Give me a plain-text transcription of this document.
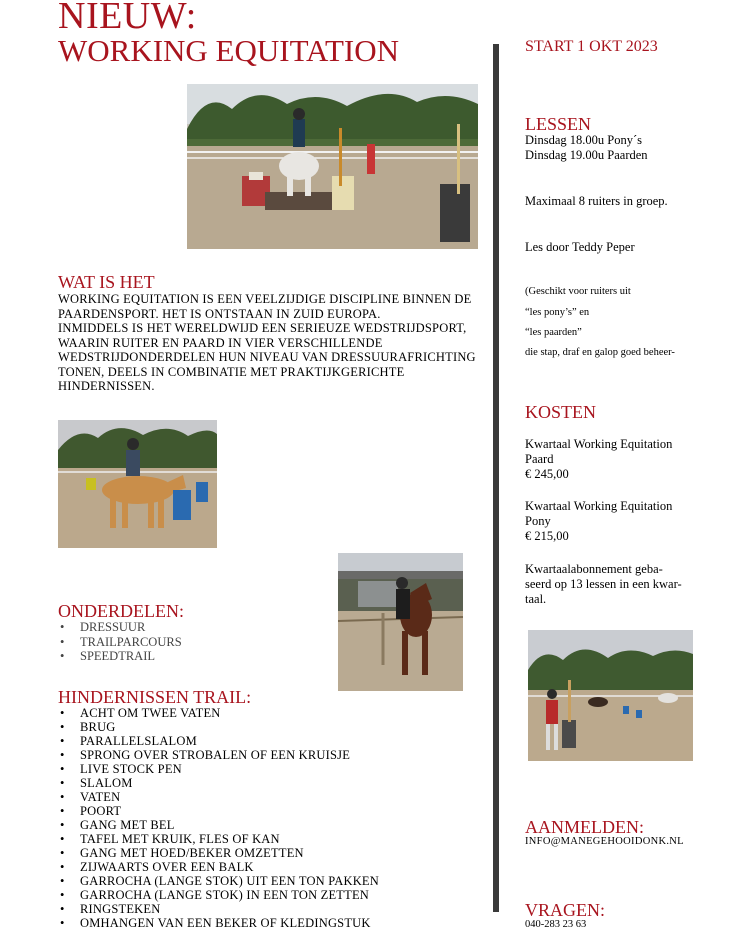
NIEUW:
WORKING EQUITATION
WAT IS HET

WORKING EQUITATION IS EEN VEELZIJDIGE DISCIPLINE BINNEN DE PAARDENSPORT. HET IS ONTSTAAN IN ZUID EUROPA.

INMIDDELS IS HET WERELDWIJD EEN SERIEUZE WEDSTRIJDSPORT, WAARIN RUITER EN PAARD IN VIER VERSCHILLENDE WEDSTRIJDONDERDELEN HUN NIVEAU VAN DRESSUURAFRICHTING TONEN, DEELS IN COMBINATIE MET PRAKTIJKGERICHTE HINDERNISSEN.

ONDERDELEN:
• DRESSUUR
• TRAILPARCOURS
• SPEEDTRAIL
HINDERNISSEN TRAIL:
• ACHT OM TWEE VATEN
• BRUG
• PARALLELSLALOM
• SPRONG OVER STROBALEN OF EEN KRUISJE
• LIVE STOCK PEN
• SLALOM
• VATEN
• POORT
• GANG MET BEL
• TAFEL MET KRUIK, FLES OF KAN
• GANG MET HOED/BEKER OMZETTEN
• ZIJWAARTS OVER EEN BALK
• GARROCHA (LANGE STOK) UIT EEN TON PAKKEN
• GARROCHA (LANGE STOK) IN EEN TON ZETTEN
• RINGSTEKEN
• OMHANGEN VAN EEN BEKER OF KLEDINGSTUK
START 1 OKT 2023
LESSEN
Dinsdag 18.00u Pony´s
Dinsdag 19.00u Paarden
Maximaal 8 ruiters in groep.
Les door Teddy Peper
(Geschikt voor ruiters uit
“les pony’s” en
“les paarden”
die stap, draf en galop goed beheer-
KOSTEN
Kwartaal Working Equitation
Paard
€ 245,00
Kwartaal Working Equitation
Pony
€ 215,00
Kwartaalabonnement geba-
seerd op 13 lessen in een kwar-
taal.
AANMELDEN:
INFO@MANEGEHOOIDONK.NL
VRAGEN:
040-283 23 63
